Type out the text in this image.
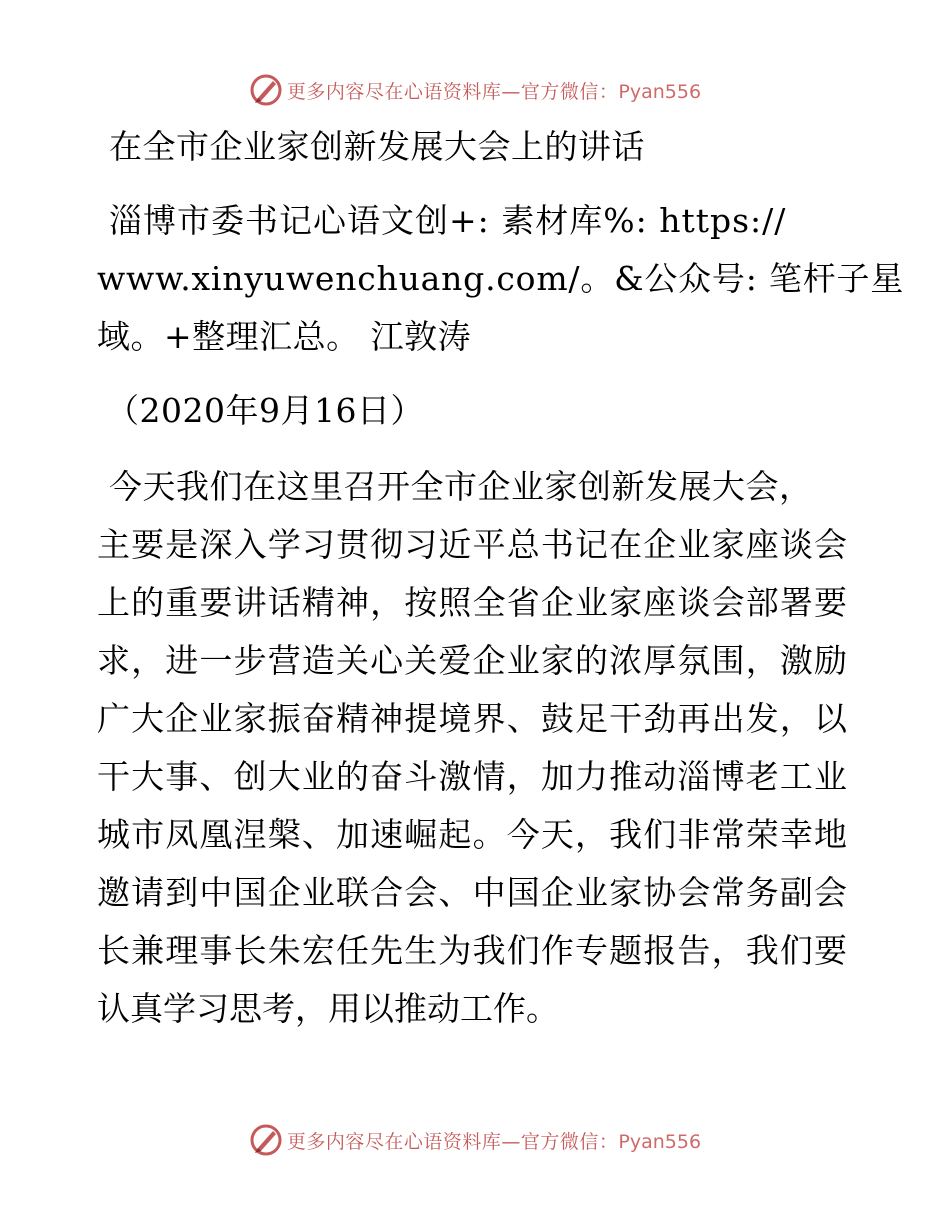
更多内容尽在心语资料库—官方微信：Pyan556
在全市企业家创新发展大会上的讲话
淄博市委书记心语文创+: 素材库%: https://
www.xinyuwenchuang.com/。&公众号: 笔杆子星
域。+整理汇总。 江敦涛
（2020年9月16日）
今天我们在这里召开全市企业家创新发展大会，
主要是深入学习贯彻习近平总书记在企业家座谈会
上的重要讲话精神，按照全省企业家座谈会部署要
求，进一步营造关心关爱企业家的浓厚氛围，激励
广大企业家振奋精神提境界、鼓足干劲再出发，以
干大事、创大业的奋斗激情，加力推动淄博老工业
城市凤凰涅槃、加速崛起。今天，我们非常荣幸地
邀请到中国企业联合会、中国企业家协会常务副会
长兼理事长朱宏任先生为我们作专题报告，我们要
认真学习思考，用以推动工作。
更多内容尽在心语资料库—官方微信：Pyan556
